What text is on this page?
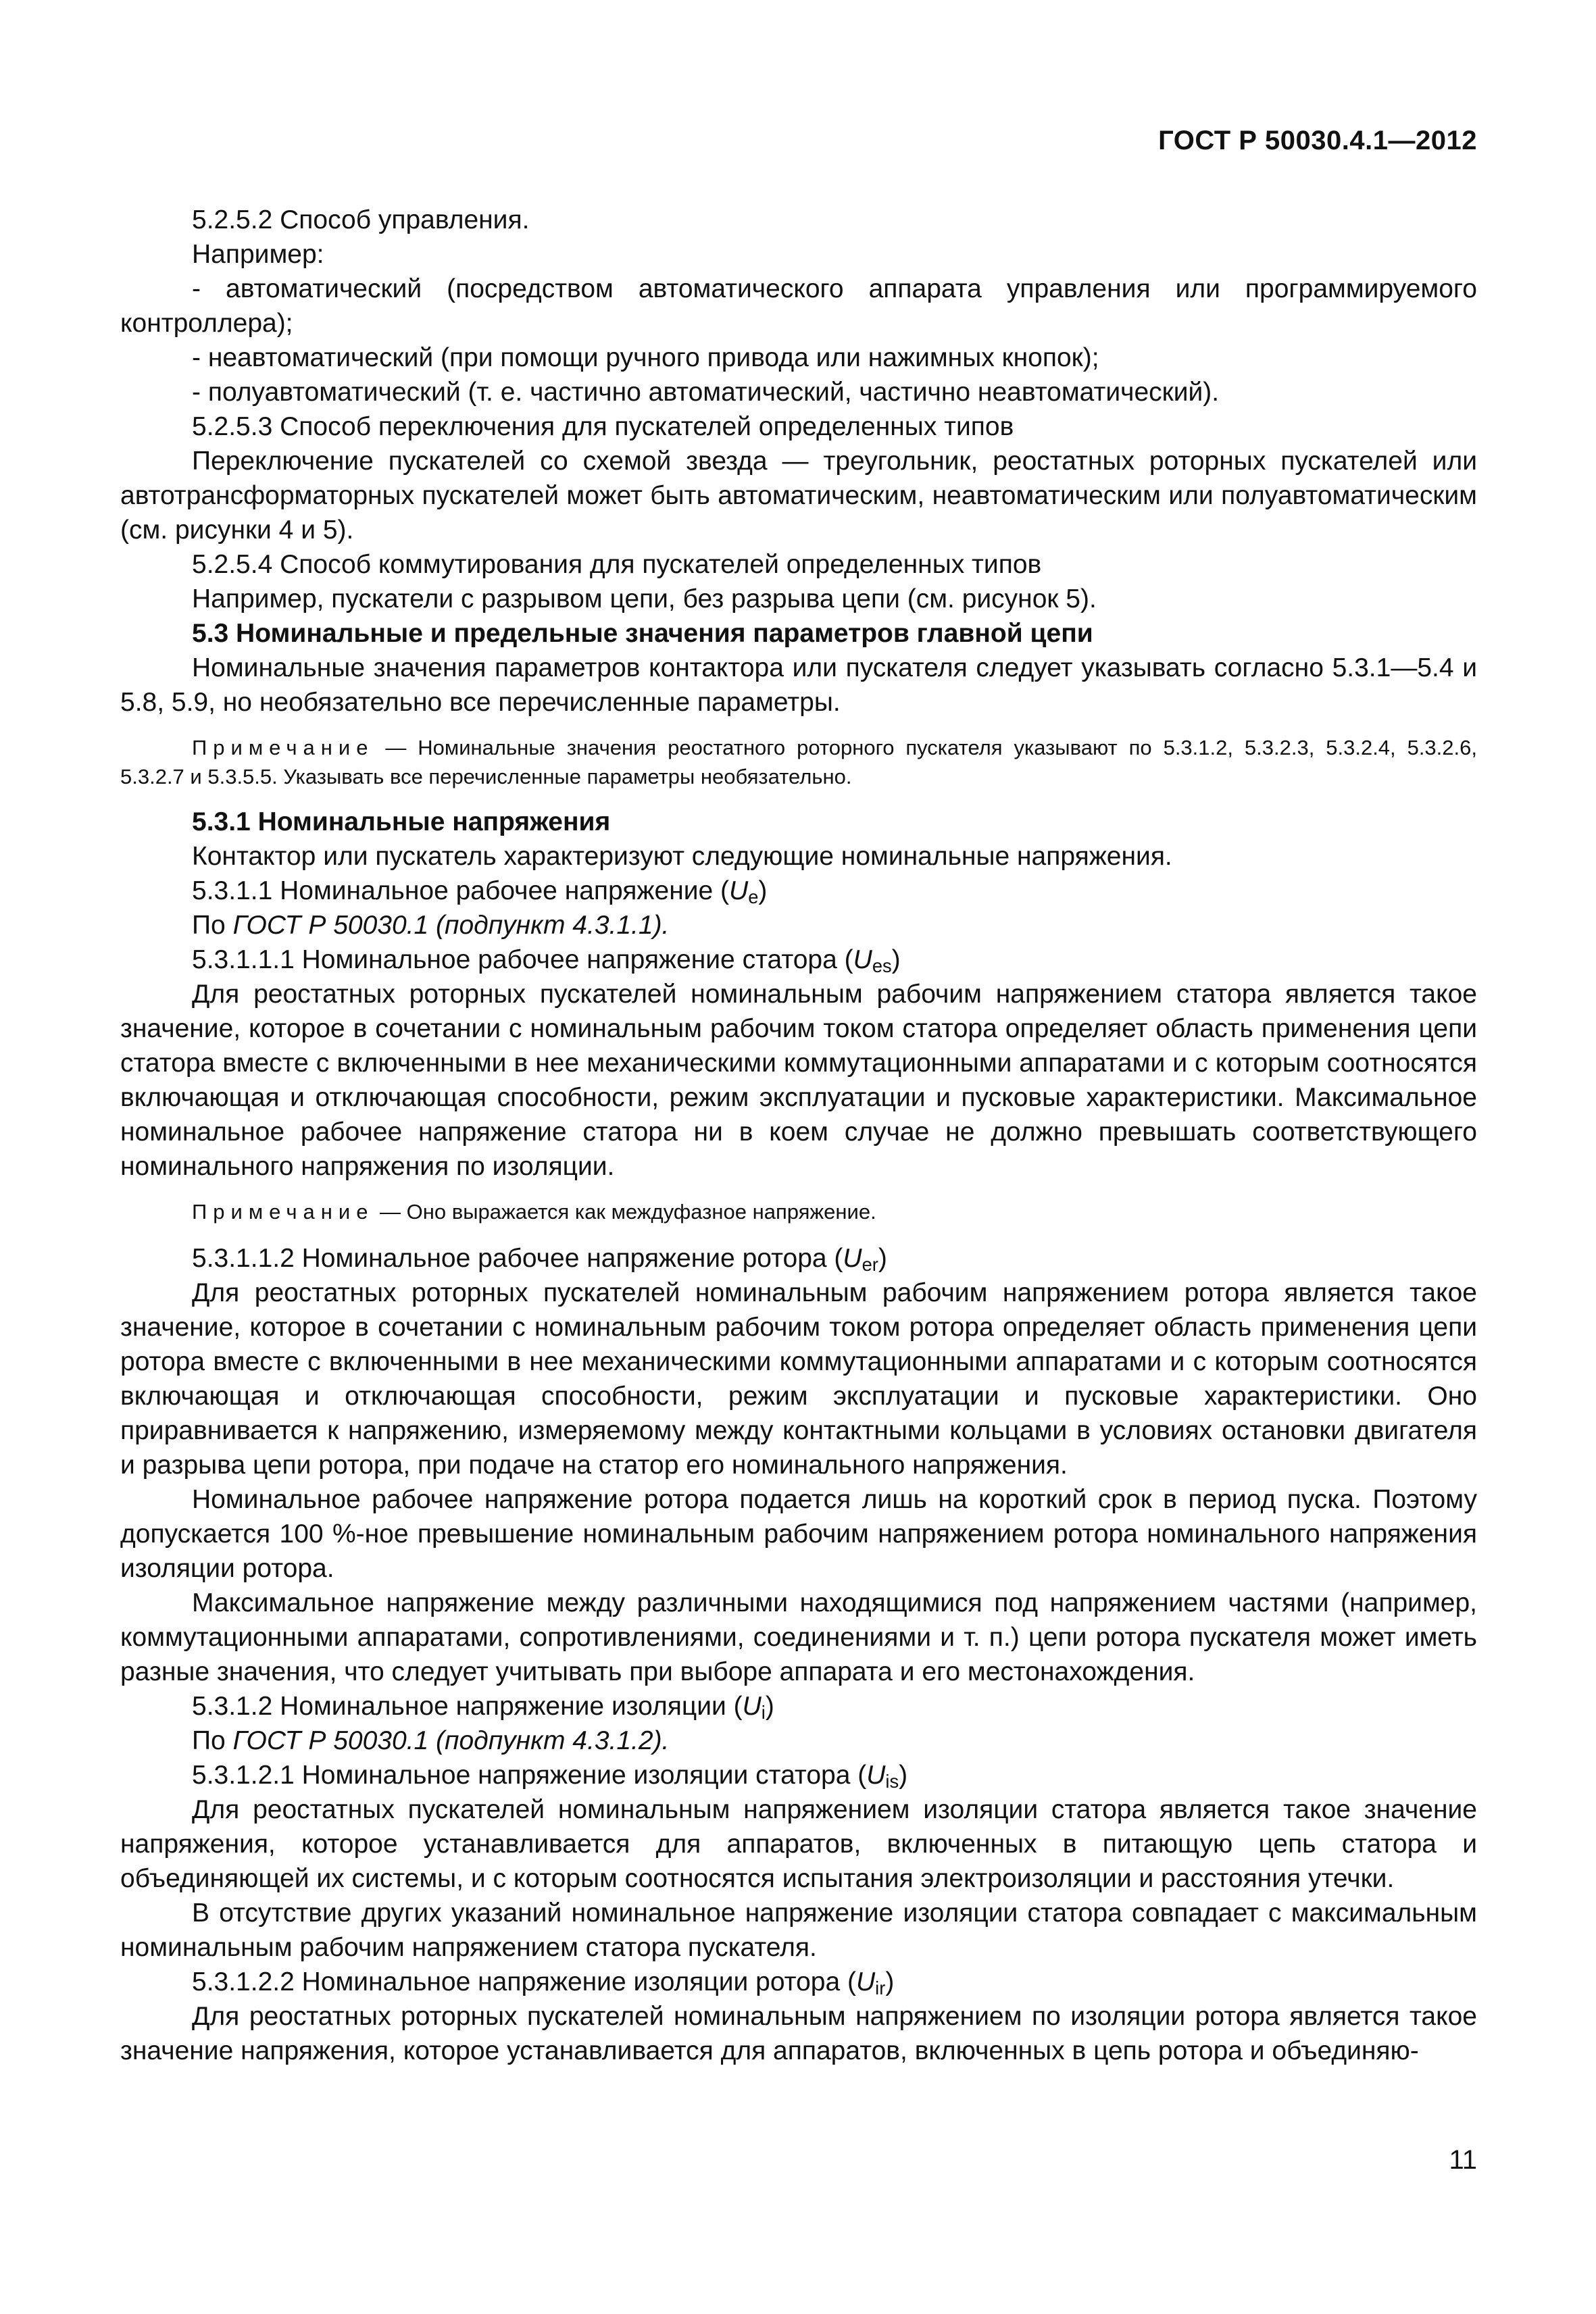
ГОСТ Р 50030.4.1—2012

5.2.5.2 Способ управления.

Например:

- автоматический (посредством автоматического аппарата управления или программируемого контроллера);

- неавтоматический (при помощи ручного привода или нажимных кнопок);

- полуавтоматический (т. е. частично автоматический, частично неавтоматический).

5.2.5.3 Способ переключения для пускателей определенных типов

Переключение пускателей со схемой звезда — треугольник, реостатных роторных пускателей или автотрансформаторных пускателей может быть автоматическим, неавтоматическим или полуавтоматическим (см. рисунки 4 и 5).

5.2.5.4 Способ коммутирования для пускателей определенных типов

Например, пускатели с разрывом цепи, без разрыва цепи (см. рисунок 5).

5.3 Номинальные и предельные значения параметров главной цепи

Номинальные значения параметров контактора или пускателя следует указывать согласно 5.3.1—5.4 и 5.8, 5.9, но необязательно все перечисленные параметры.

Примечание — Номинальные значения реостатного роторного пускателя указывают по 5.3.1.2, 5.3.2.3, 5.3.2.4, 5.3.2.6, 5.3.2.7 и 5.3.5.5. Указывать все перечисленные параметры необязательно.

5.3.1 Номинальные напряжения

Контактор или пускатель характеризуют следующие номинальные напряжения.

5.3.1.1 Номинальное рабочее напряжение $(U_e)$

По ГОСТ Р 50030.1 (подпункт 4.3.1.1).

5.3.1.1.1 Номинальное рабочее напряжение статора $(U_{es})$

Для реостатных роторных пускателей номинальным рабочим напряжением статора является такое значение, которое в сочетании с номинальным рабочим током статора определяет область применения цепи статора вместе с включенными в нее механическими коммутационными аппаратами и с которым соотносятся включающая и отключающая способности, режим эксплуатации и пусковые характеристики. Максимальное номинальное рабочее напряжение статора ни в коем случае не должно превышать соответствующего номинального напряжения по изоляции.

Примечание — Оно выражается как междуфазное напряжение.

5.3.1.1.2 Номинальное рабочее напряжение ротора $(U_{er})$

Для реостатных роторных пускателей номинальным рабочим напряжением ротора является такое значение, которое в сочетании с номинальным рабочим током ротора определяет область применения цепи ротора вместе с включенными в нее механическими коммутационными аппаратами и с которым соотносятся включающая и отключающая способности, режим эксплуатации и пусковые характеристики. Оно приравнивается к напряжению, измеряемому между контактными кольцами в условиях остановки двигателя и разрыва цепи ротора, при подаче на статор его номинального напряжения.

Номинальное рабочее напряжение ротора подается лишь на короткий срок в период пуска. Поэтому допускается 100 %-ное превышение номинальным рабочим напряжением ротора номинального напряжения изоляции ротора.

Максимальное напряжение между различными находящимися под напряжением частями (например, коммутационными аппаратами, сопротивлениями, соединениями и т. п.) цепи ротора пускателя может иметь разные значения, что следует учитывать при выборе аппарата и его местонахождения.

5.3.1.2 Номинальное напряжение изоляции $(U_i)$

По ГОСТ Р 50030.1 (подпункт 4.3.1.2).

5.3.1.2.1 Номинальное напряжение изоляции статора $(U_{is})$

Для реостатных пускателей номинальным напряжением изоляции статора является такое значение напряжения, которое устанавливается для аппаратов, включенных в питающую цепь статора и объединяющей их системы, и с которым соотносятся испытания электроизоляции и расстояния утечки.

В отсутствие других указаний номинальное напряжение изоляции статора совпадает с максимальным номинальным рабочим напряжением статора пускателя.

5.3.1.2.2 Номинальное напряжение изоляции ротора $(U_{ir})$

Для реостатных роторных пускателей номинальным напряжением по изоляции ротора является такое значение напряжения, которое устанавливается для аппаратов, включенных в цепь ротора и объединяю-

11
